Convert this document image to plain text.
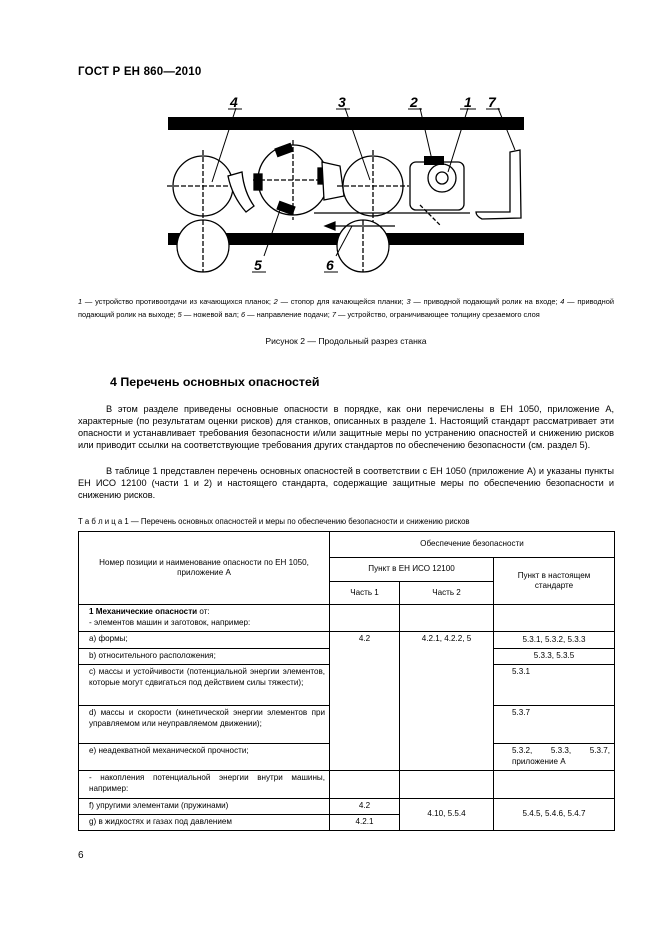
ГОСТ Р ЕН 860—2010
4	3	2	1 7
5	6
1 — устройство противоотдачи из качающихся планок; 2 — стопор для качающейся планки; 3 — приводной подающий ролик на входе; 4 — приводной подающий ролик на выходе; 5 — ножевой вал; 6 — направление подачи; 7 — устройство, ограничивающее толщину срезаемого слоя
Рисунок 2 — Продольный разрез станка
4 Перечень основных опасностей
В этом разделе приведены основные опасности в порядке, как они перечислены в ЕН 1050, приложение А, характерные (по результатам оценки рисков) для станков, описанных в разделе 1. Настоящий стандарт рассматривает эти опасности и устанавливает требования безопасности и/или защитные меры по устранению опасностей и снижению рисков или приводит ссылки на соответствующие требования других стандартов по обеспечению безопасности (см. раздел 5).
В таблице 1 представлен перечень основных опасностей в соответствии с ЕН 1050 (приложение А) и указаны пункты ЕН ИСО 12100 (части 1 и 2) и настоящего стандарта, содержащие защитные меры по обеспечению безопасности и снижению рисков.
Т а б л и ц а 1 — Перечень основных опасностей и меры по обеспечению безопасности и снижению рисков
Номер позиции и наименование опасности по ЕН 1050, приложение А	Обеспечение безопасности		
	Пункт в ЕН ИСО 12100		Пункт в настоящем стандарте
	Часть 1	Часть 2	
1 Механические опасности от:
- элементов машин и заготовок, например:			
а) формы;	4.2	4.2.1, 4.2.2, 5	5.3.1, 5.3.2, 5.3.3
b) относительного расположения;			5.3.3, 5.3.5
с) массы и устойчивости (потенциальной энергии элементов, которые могут сдвигаться под действием силы тяжести);			5.3.1
d) массы и скорости (кинетической энергии элементов при управляемом или неуправляемом движении);			5.3.7
е) неадекватной механической прочности;			5.3.2, 5.3.3, 5.3.7, приложение А
- накопления потенциальной энергии внутри машины, например:			
f) упругими элементами (пружинами)	4.2	4.10, 5.5.4	5.4.5, 5.4.6, 5.4.7
g) в жидкостях и газах под давлением	4.2.1		
6
